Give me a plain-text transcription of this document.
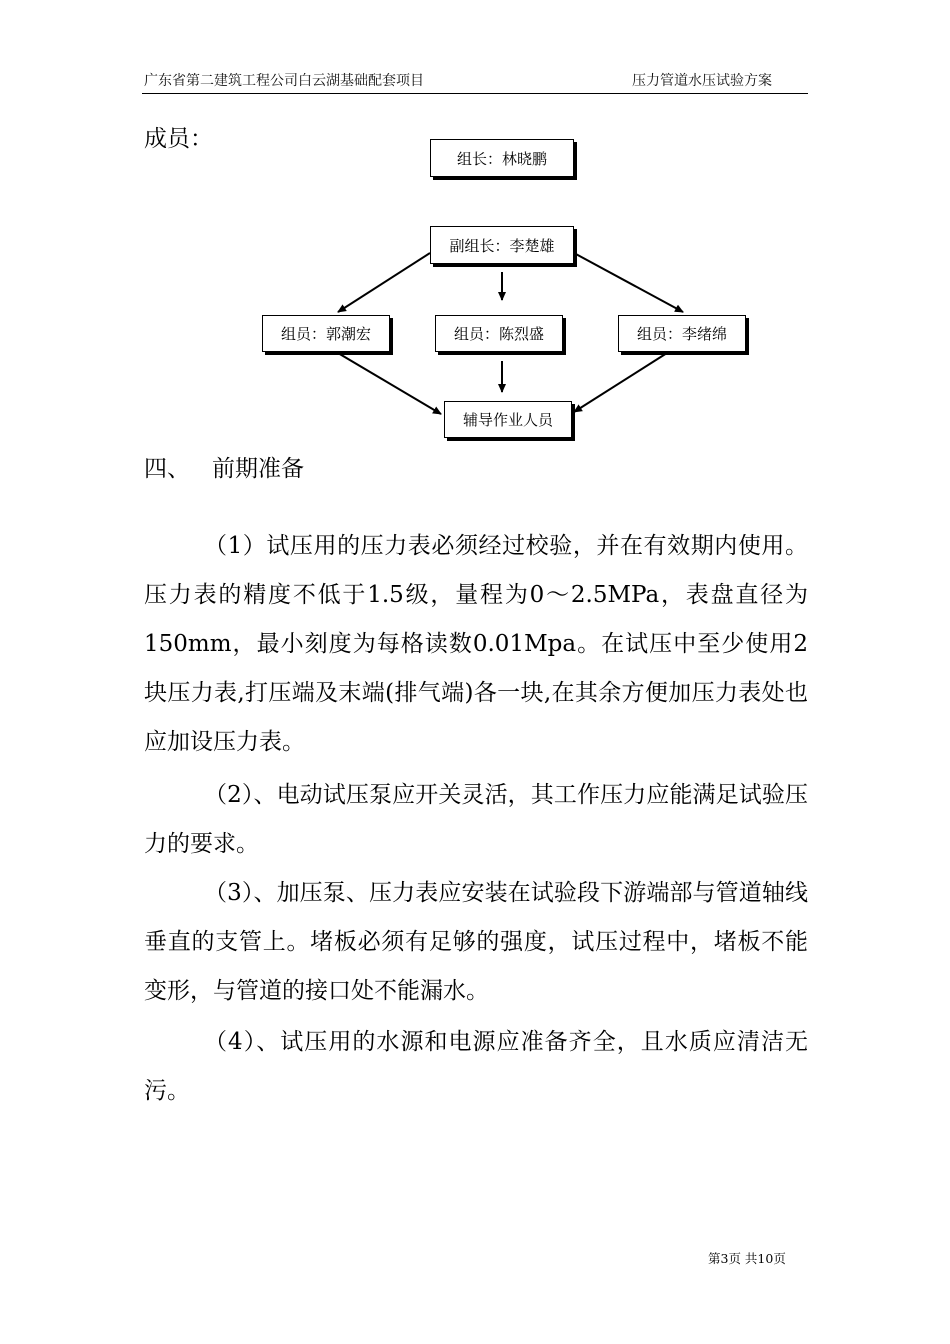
广东省第二建筑工程公司白云湖基础配套项目	压力管道水压试验方案
成员：
组长：林晓鹏
副组长：李楚雄
组员：郭潮宏	组员：陈烈盛	组员：李绪绵
辅导作业人员
四、 前期准备

（1）试压用的压力表必须经过校验，并在有效期内使用。压力表的精度不低于1.5级，量程为0～2.5MPa，表盘直径为150mm，最小刻度为每格读数0.01Mpa。在试压中至少使用2块压力表,打压端及末端(排气端)各一块,在其余方便加压力表处也应加设压力表。

（2）、电动试压泵应开关灵活，其工作压力应能满足试验压力的要求。

（3）、加压泵、压力表应安装在试验段下游端部与管道轴线垂直的支管上。堵板必须有足够的强度，试压过程中，堵板不能变形，与管道的接口处不能漏水。

（4）、试压用的水源和电源应准备齐全，且水质应清洁无污。

第3页 共10页
